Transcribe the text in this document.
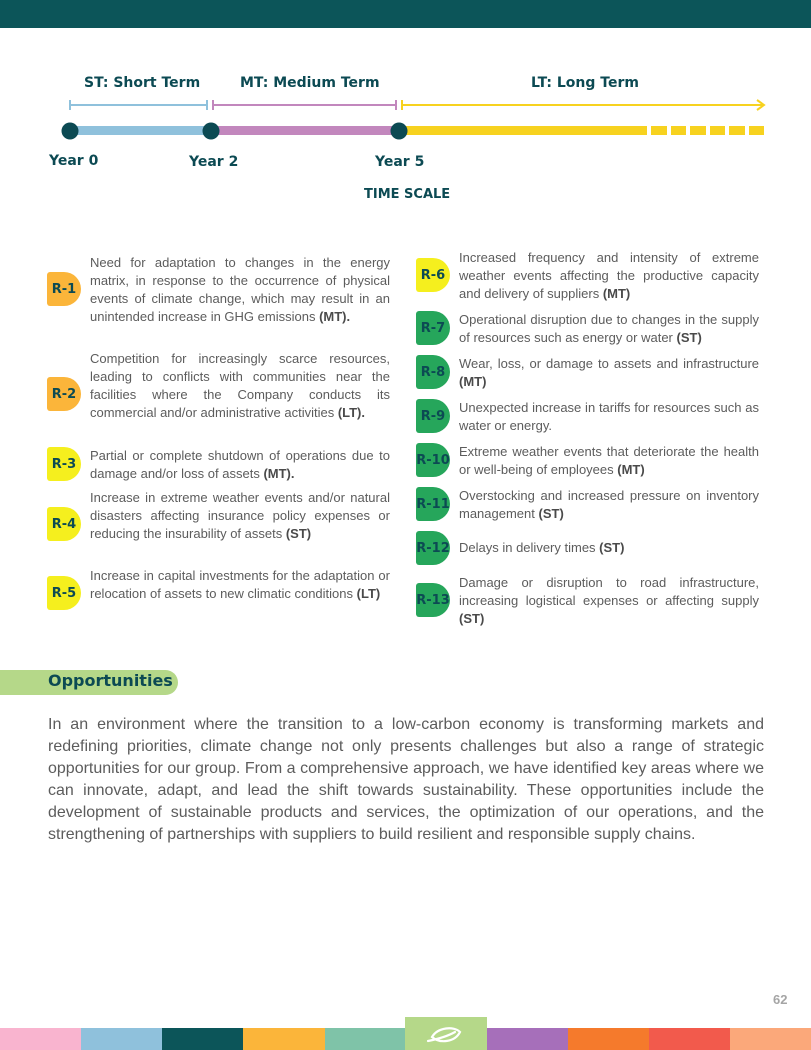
ST: Short Term	MT: Medium Term	LT: Long Term
Year 0	Year 2	Year 5
TIME SCALE
R-1
Need for adaptation to changes in the energy matrix, in response to the occurrence of physical events of climate change, which may result in an unintended increase in GHG emissions (MT).
R-2
Competition for increasingly scarce resources, leading to conflicts with communities near the facilities where the Company conducts its commercial and/or administrative activities (LT).
R-3
Partial or complete shutdown of operations due to damage and/or loss of assets (MT).
R-4
Increase in extreme weather events and/or natural disasters affecting insurance policy expenses or reducing the insurability of assets (ST)
R-5
Increase in capital investments for the adaptation or relocation of assets to new climatic conditions (LT)
R-6
Increased frequency and intensity of extreme weather events affecting the productive capacity and delivery of suppliers (MT)
R-7
Operational disruption due to changes in the supply of resources such as energy or water (ST)
R-8
Wear, loss, or damage to assets and infrastructure (MT)
R-9
Unexpected increase in tariffs for resources such as water or energy.
R-10
Extreme weather events that deteriorate the health or well-being of employees (MT)
R-11
Overstocking and increased pressure on inventory management (ST)
R-12 Delays in delivery times (ST)
R-13
Damage or disruption to road infrastructure, increasing logistical expenses or affecting supply (ST)
Opportunities

In an environment where the transition to a low-carbon economy is transforming markets and redefining priorities, climate change not only presents challenges but also a range of strategic opportunities for our group. From a comprehensive approach, we have identified key areas where we can innovate, adapt, and lead the shift towards sustainability. These opportunities include the development of sustainable products and services, the optimization of our operations, and the strengthening of partnerships with suppliers to build resilient and responsible supply chains.

62
